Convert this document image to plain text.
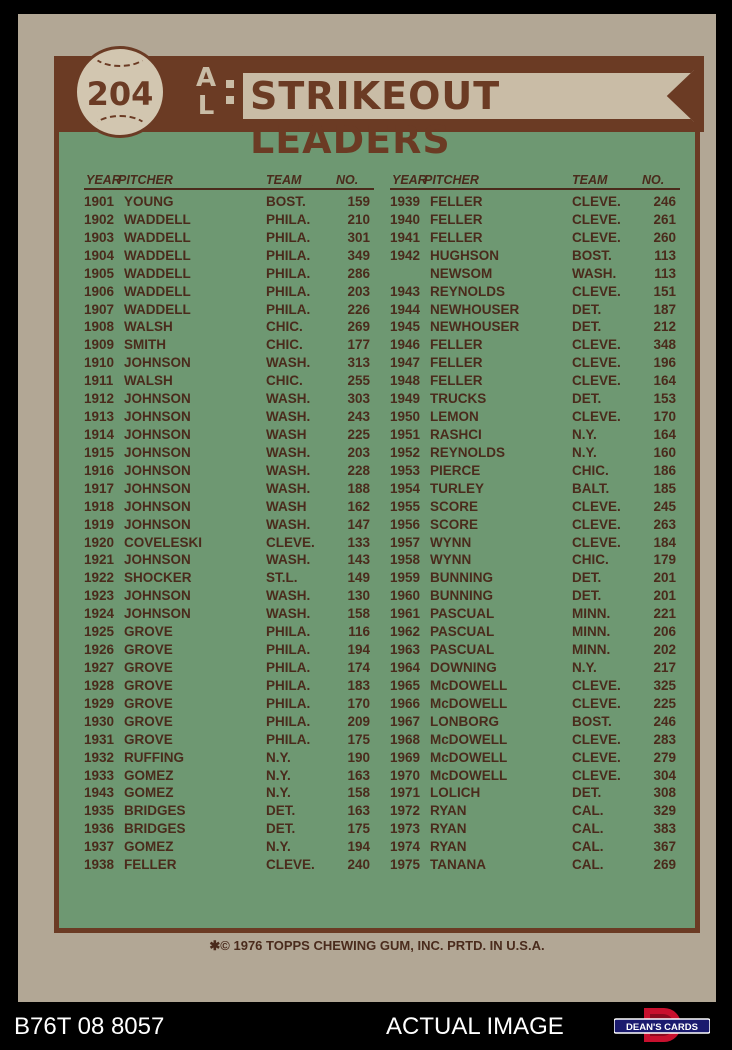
STRIKEOUT LEADERS
204	A
L
YEAR
PITCHER	TEAM	NO.
1901 YOUNG	BOST.	159
1902 WADDELL	PHILA.	210
1903 WADDELL	PHILA.	301
1904 WADDELL	PHILA.	349
1905 WADDELL	PHILA.	286
1906 WADDELL	PHILA.	203
1907 WADDELL	PHILA.	226
1908 WALSH	CHIC.	269
1909 SMITH	CHIC.	177
1910 JOHNSON	WASH.	313
1911 WALSH	CHIC.	255
1912 JOHNSON	WASH.	303
1913 JOHNSON	WASH.	243
1914 JOHNSON	WASH	225
1915 JOHNSON	WASH.	203
1916 JOHNSON	WASH.	228
1917 JOHNSON	WASH.	188
1918 JOHNSON	WASH	162
1919 JOHNSON	WASH.	147
1920 COVELESKI	CLEVE.	133
1921 JOHNSON	WASH.	143
1922 SHOCKER	ST.L.	149
1923 JOHNSON	WASH.	130
1924 JOHNSON	WASH.	158
1925 GROVE	PHILA.	116
1926 GROVE	PHILA.	194
1927 GROVE	PHILA.	174
1928 GROVE	PHILA.	183
1929 GROVE	PHILA.	170
1930 GROVE	PHILA.	209
1931 GROVE	PHILA.	175
1932 RUFFING	N.Y.	190
1933 GOMEZ	N.Y.	163
1943 GOMEZ	N.Y.	158
1935 BRIDGES	DET.	163
1936 BRIDGES	DET.	175
1937 GOMEZ	N.Y.	194
1938 FELLER	CLEVE.	240
YEAR
PITCHER	TEAM	NO.
1939 FELLER	CLEVE.	246
1940 FELLER	CLEVE.	261
1941 FELLER	CLEVE.	260
1942 HUGHSON	BOST.	113
NEWSOM	WASH.	113
1943 REYNOLDS	CLEVE.	151
1944 NEWHOUSER	DET.	187
1945 NEWHOUSER	DET.	212
1946 FELLER	CLEVE.	348
1947 FELLER	CLEVE.	196
1948 FELLER	CLEVE.	164
1949 TRUCKS	DET.	153
1950 LEMON	CLEVE.	170
1951 RASHCI	N.Y.	164
1952 REYNOLDS	N.Y.	160
1953 PIERCE	CHIC.	186
1954 TURLEY	BALT.	185
1955 SCORE	CLEVE.	245
1956 SCORE	CLEVE.	263
1957 WYNN	CLEVE.	184
1958 WYNN	CHIC.	179
1959 BUNNING	DET.	201
1960 BUNNING	DET.	201
1961 PASCUAL	MINN.	221
1962 PASCUAL	MINN.	206
1963 PASCUAL	MINN.	202
1964 DOWNING	N.Y.	217
1965 McDOWELL	CLEVE.	325
1966 McDOWELL	CLEVE.	225
1967 LONBORG	BOST.	246
1968 McDOWELL	CLEVE.	283
1969 McDOWELL	CLEVE.	279
1970 McDOWELL	CLEVE.	304
1971 LOLICH	DET.	308
1972 RYAN	CAL.	329
1973 RYAN	CAL.	383
1974 RYAN	CAL.	367
1975 TANANA	CAL.	269
✱© 1976 TOPPS CHEWING GUM, INC. PRTD. IN U.S.A.
B76T 08 8057	ACTUAL IMAGE	DEAN'S CARDS
